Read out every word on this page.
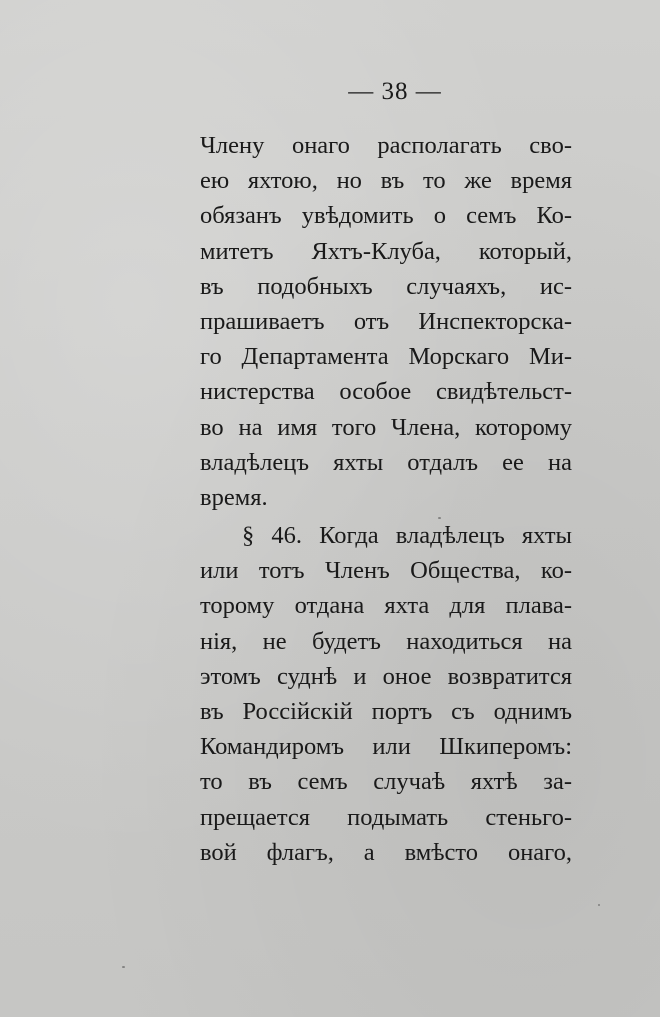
— 38 —
Члену онаго располагать сво-
ею яхтою, но въ то же время
обязанъ увѣдомить о семъ Ко-
митетъ Яхтъ-Клуба, который,
въ подобныхъ случаяхъ, ис-
прашиваетъ отъ Инспекторска-
го Департамента Морскаго Ми-
нистерства особое свидѣтельст-
во на имя того Члена, которому
владѣлецъ яхты отдалъ ее на
время.
§ 46. Когда владѣлецъ яхты
или тотъ Членъ Общества, ко-
торому отдана яхта для плава-
нія, не будетъ находиться на
этомъ суднѣ и оное возвратится
въ Россійскій портъ съ однимъ
Командиромъ или Шкиперомъ:
то въ семъ случаѣ яхтѣ за-
прещается подымать стеньго-
вой флагъ, а вмѣсто онаго,
